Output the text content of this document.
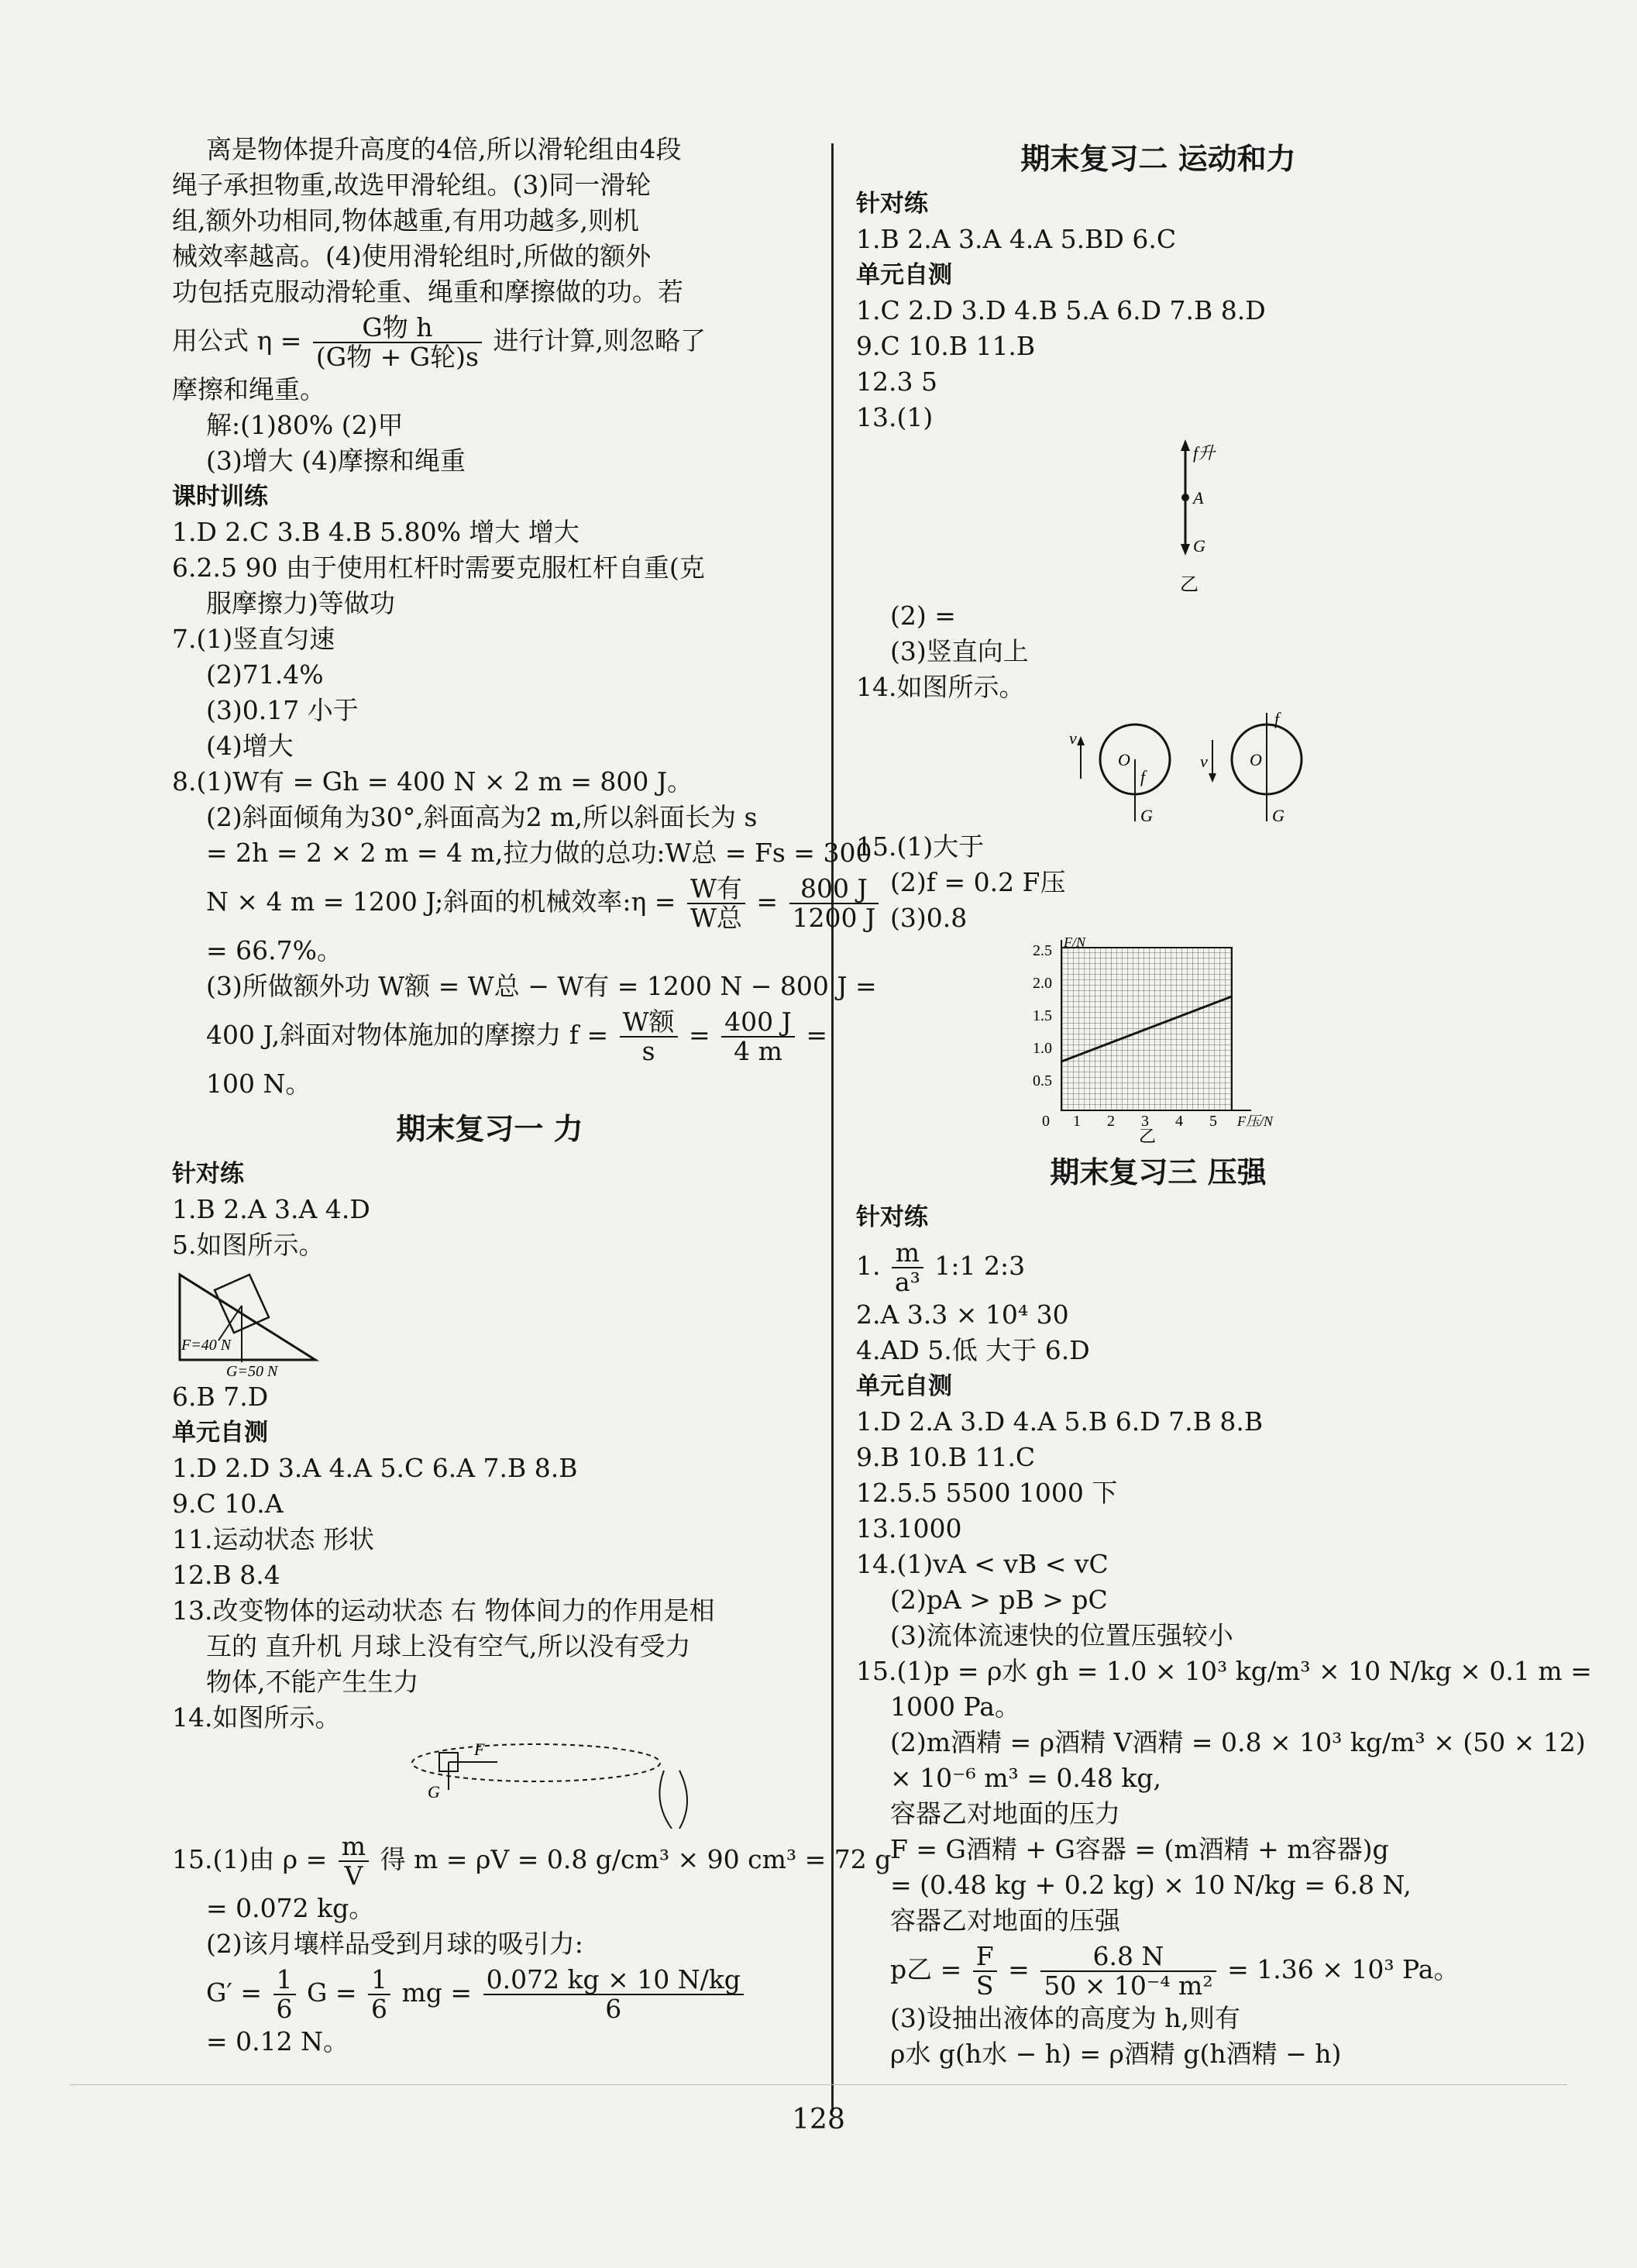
离是物体提升高度的4倍,所以滑轮组由4段
绳子承担物重,故选甲滑轮组。(3)同一滑轮
组,额外功相同,物体越重,有用功越多,则机
械效率越高。(4)使用滑轮组时,所做的额外
功包括克服动滑轮重、绳重和摩擦做的功。若
用公式 $\eta = \frac{\text{G物 h}}{\text{(G物 + G轮)s}}$ 进行计算,则忽略了
摩擦和绳重。
解:(1)80% (2)甲
(3)增大 (4)摩擦和绳重
课时训练
1.D 2.C 3.B 4.B 5.80% 增大 增大
6.2.5 90 由于使用杠杆时需要克服杠杆自重(克
服摩擦力)等做功
7.(1)竖直匀速
(2)71.4%
(3)0.17 小于
(4)增大
8.(1)W有 = Gh = 400 N × 2 m = 800 J。
(2)斜面倾角为30°,斜面高为2 m,所以斜面长为 s
= 2h = 2 × 2 m = 4 m,拉力做的总功:W总 = Fs = 300
N × 4 m = 1200 J;斜面的机械效率:η = $\frac{\text{W有}}{\text{W总}} = \frac{800 J}{1200 J}$
= 66.7%。
(3)所做额外功 W额 = W总 − W有 = 1200 N − 800 J =
400 J,斜面对物体施加的摩擦力 $f = \frac{\text{W额}}{s} = \frac{400 J}{4 m}$ =
100 N。
期末复习一 力
针对练
1.B 2.A 3.A 4.D
5.如图所示。
F=40 N
G=50 N
6.B 7.D
单元自测
1.D 2.D 3.A 4.A 5.C 6.A 7.B 8.B
9.C 10.A
11.运动状态 形状
12.B 8.4
13.改变物体的运动状态 右 物体间力的作用是相
互的 直升机 月球上没有空气,所以没有受力
物体,不能产生生力
14.如图所示。
G
F
15.(1)由 $\rho = \frac{m}{V}$ 得 m = ρV = 0.8 g/cm³ × 90 cm³ = 72 g
= 0.072 kg。
(2)该月壤样品受到月球的吸引力:
$G' = \frac{1}{6}$ $G = \frac{1}{6}$ mg = $\frac{0.072 kg \times 10 N/kg}{6}$
= 0.12 N。
期末复习二 运动和力
针对练
1.B 2.A 3.A 4.A 5.BD 6.C
单元自测
1.C 2.D 3.D 4.B 5.A 6.D 7.B 8.D
9.C 10.B 11.B
12.3 5
13.(1)
f升
A
G
乙
(2) =
(3)竖直向上
14.如图所示。
v
O
f
G
v O
f
G
15.(1)大于
(2)f = 0.2 F压
(3)0.8
F/N
F压/N
2.5
2.0
1.5
1.0
0.5
0 1 2 3 4 5
乙
期末复习三 压强
针对练
1. $\frac{m}{\text{a³}}$ 1:1 2:3
2.A 3.3 × 10⁴ 30
4.AD 5.低 大于 6.D
单元自测
1.D 2.A 3.D 4.A 5.B 6.D 7.B 8.B
9.B 10.B 11.C
12.5.5 5500 1000 下
13.1000
14.(1)vA < vB < vC
(2)pA > pB > pC
(3)流体流速快的位置压强较小
15.(1)p = ρ水 gh = 1.0 × 10³ kg/m³ × 10 N/kg × 0.1 m =
1000 Pa。
(2)m酒精 = ρ酒精 V酒精 = 0.8 × 10³ kg/m³ × (50 × 12)
× 10⁻⁶ m³ = 0.48 kg,
容器乙对地面的压力
F = G酒精 + G容器 = (m酒精 + m容器)g
= (0.48 kg + 0.2 kg) × 10 N/kg = 6.8 N,
容器乙对地面的压强
p乙 = $\frac{F}{S} = \frac{6.8 N}{\text{50 × 10⁻⁴ m²}} = 1.36 \times 10^3$ Pa。
(3)设抽出液体的高度为 h,则有
ρ水 g(h水 − h) = ρ酒精 g(h酒精 − h)
128
